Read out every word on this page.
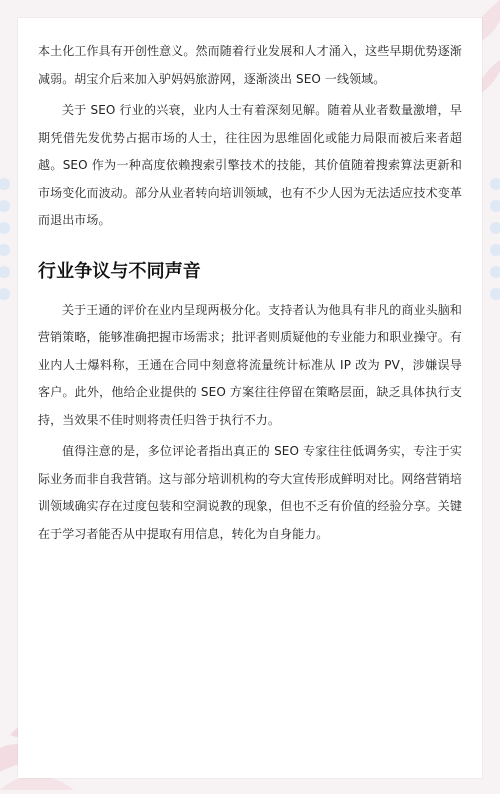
本土化工作具有开创性意义。然而随着行业发展和人才涌入，这些早期优势逐渐减弱。胡宝介后来加入驴妈妈旅游网，逐渐淡出 SEO 一线领域。

关于 SEO 行业的兴衰，业内人士有着深刻见解。随着从业者数量激增，早期凭借先发优势占据市场的人士，往往因为思维固化或能力局限而被后来者超越。SEO 作为一种高度依赖搜索引擎技术的技能，其价值随着搜索算法更新和市场变化而波动。部分从业者转向培训领域，也有不少人因为无法适应技术变革而退出市场。

行业争议与不同声音

关于王通的评价在业内呈现两极分化。支持者认为他具有非凡的商业头脑和营销策略，能够准确把握市场需求；批评者则质疑他的专业能力和职业操守。有业内人士爆料称，王通在合同中刻意将流量统计标准从 IP 改为 PV，涉嫌误导客户。此外，他给企业提供的 SEO 方案往往停留在策略层面，缺乏具体执行支持，当效果不佳时则将责任归咎于执行不力。

值得注意的是，多位评论者指出真正的 SEO 专家往往低调务实，专注于实际业务而非自我营销。这与部分培训机构的夸大宣传形成鲜明对比。网络营销培训领域确实存在过度包装和空洞说教的现象，但也不乏有价值的经验分享。关键在于学习者能否从中提取有用信息，转化为自身能力。
